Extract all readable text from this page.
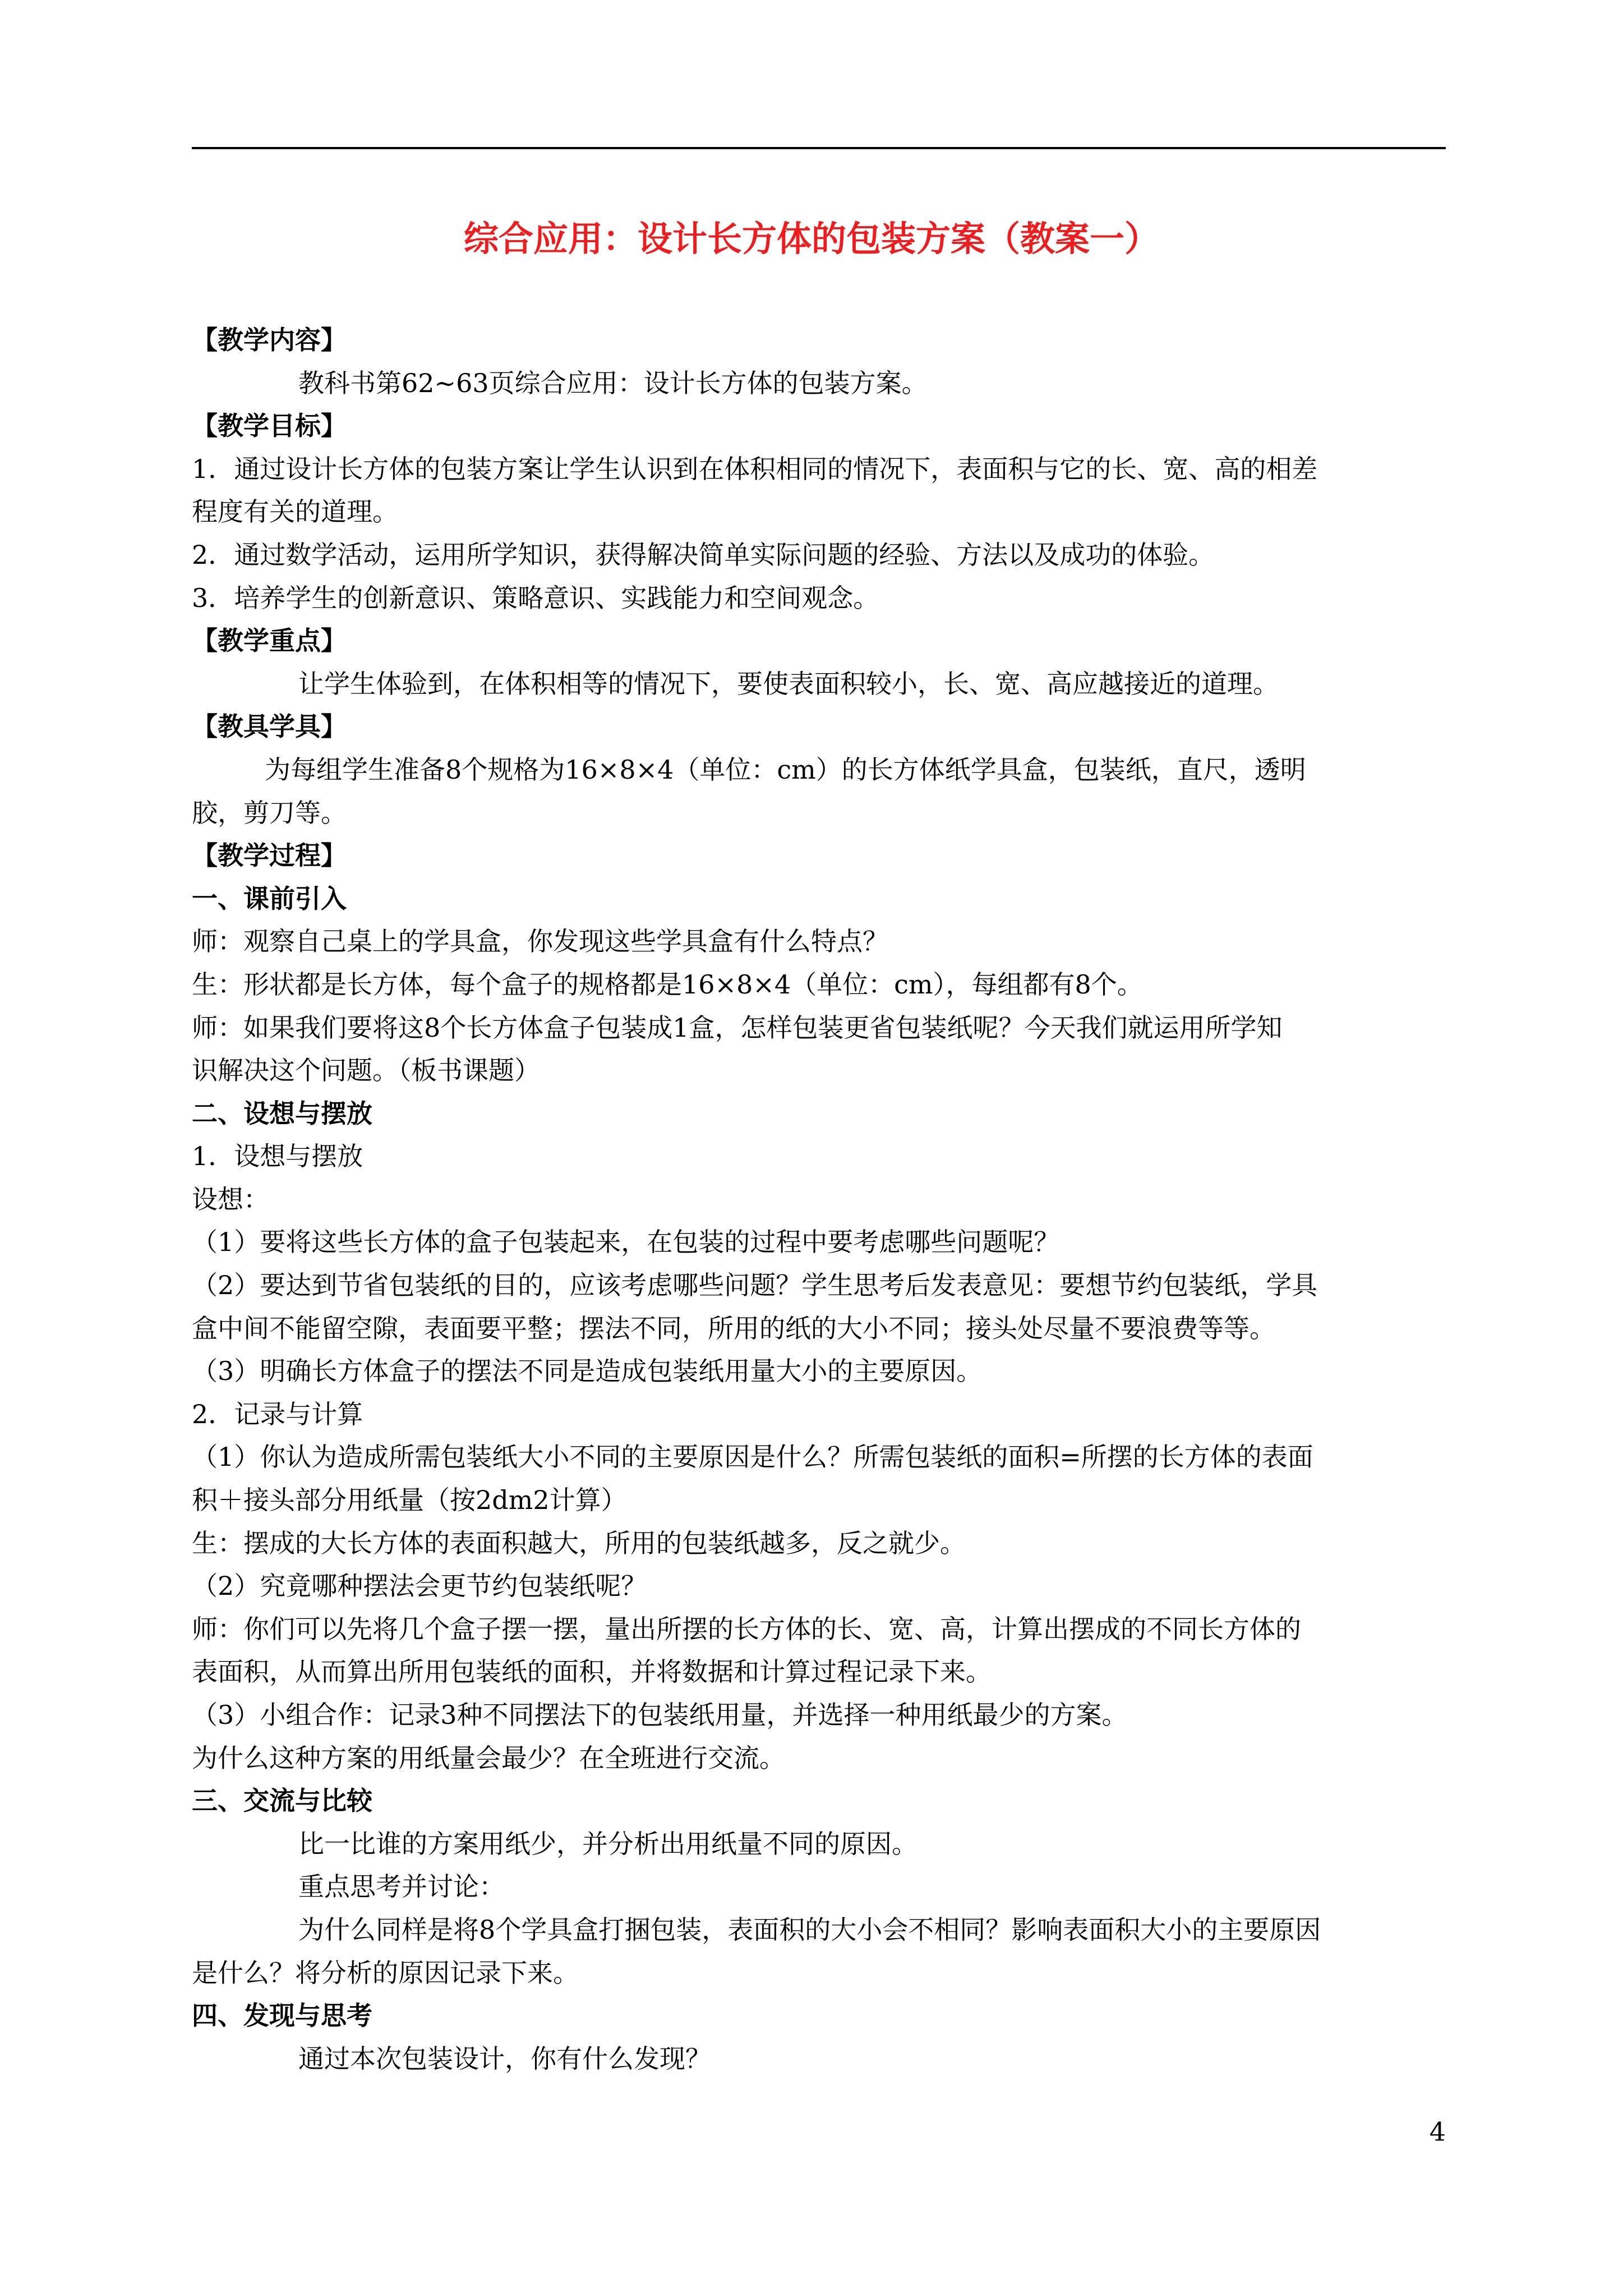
综合应用：设计长方体的包装方案（教案一）
【教学内容】
教科书第62~63页综合应用：设计长方体的包装方案。
【教学目标】
1．通过设计长方体的包装方案让学生认识到在体积相同的情况下，表面积与它的长、宽、高的相差
程度有关的道理。
2．通过数学活动，运用所学知识，获得解决简单实际问题的经验、方法以及成功的体验。
3．培养学生的创新意识、策略意识、实践能力和空间观念。
【教学重点】
让学生体验到，在体积相等的情况下，要使表面积较小，长、宽、高应越接近的道理。
【教具学具】
为每组学生准备8个规格为16×8×4（单位：cm）的长方体纸学具盒，包装纸，直尺，透明
胶，剪刀等。
【教学过程】
一、课前引入
师：观察自己桌上的学具盒，你发现这些学具盒有什么特点？
生：形状都是长方体，每个盒子的规格都是16×8×4（单位：cm），每组都有8个。
师：如果我们要将这8个长方体盒子包装成1盒，怎样包装更省包装纸呢？今天我们就运用所学知
识解决这个问题。（板书课题）
二、设想与摆放
1．设想与摆放
设想：
（1）要将这些长方体的盒子包装起来，在包装的过程中要考虑哪些问题呢？
（2）要达到节省包装纸的目的，应该考虑哪些问题？学生思考后发表意见：要想节约包装纸，学具
盒中间不能留空隙，表面要平整；摆法不同，所用的纸的大小不同；接头处尽量不要浪费等等。
（3）明确长方体盒子的摆法不同是造成包装纸用量大小的主要原因。
2．记录与计算
（1）你认为造成所需包装纸大小不同的主要原因是什么？所需包装纸的面积=所摆的长方体的表面
积＋接头部分用纸量（按2dm2计算）
生：摆成的大长方体的表面积越大，所用的包装纸越多，反之就少。
（2）究竟哪种摆法会更节约包装纸呢？
师：你们可以先将几个盒子摆一摆，量出所摆的长方体的长、宽、高，计算出摆成的不同长方体的
表面积，从而算出所用包装纸的面积，并将数据和计算过程记录下来。
（3）小组合作：记录3种不同摆法下的包装纸用量，并选择一种用纸最少的方案。
为什么这种方案的用纸量会最少？在全班进行交流。
三、交流与比较
比一比谁的方案用纸少，并分析出用纸量不同的原因。
重点思考并讨论：
为什么同样是将8个学具盒打捆包装，表面积的大小会不相同？影响表面积大小的主要原因
是什么？将分析的原因记录下来。
四、发现与思考
通过本次包装设计，你有什么发现？
4
